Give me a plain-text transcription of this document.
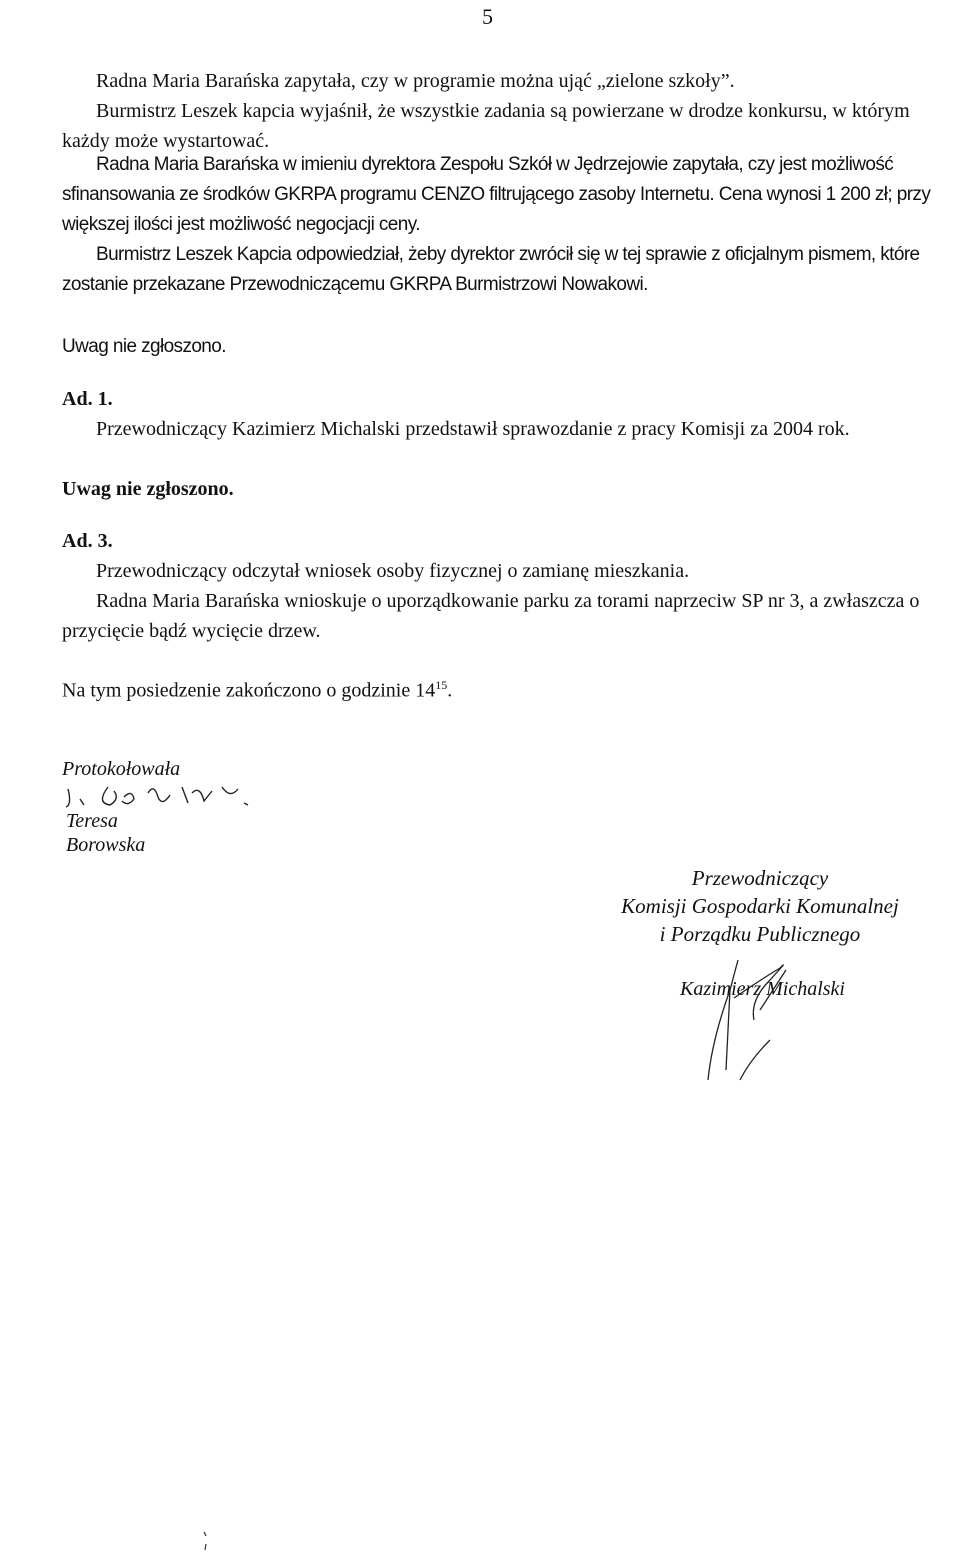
5
Radna Maria Barańska zapytała, czy w programie można ująć „zielone szkoły”.
Burmistrz Leszek kapcia wyjaśnił, że wszystkie zadania są powierzane w drodze konkursu, w którym każdy może wystartować.
Radna Maria Barańska w imieniu dyrektora Zespołu Szkół w Jędrzejowie zapytała, czy jest możliwość sfinansowania ze środków GKRPA programu CENZO filtrującego zasoby Internetu. Cena wynosi 1 200 zł; przy większej ilości jest możliwość negocjacji ceny.
Burmistrz Leszek Kapcia odpowiedział, żeby dyrektor zwrócił się w tej sprawie z oficjalnym pismem, które zostanie przekazane Przewodniczącemu GKRPA Burmistrzowi Nowakowi.
Uwag nie zgłoszono.
Ad. 1.
Przewodniczący Kazimierz Michalski przedstawił sprawozdanie z pracy Komisji za 2004 rok.
Uwag nie zgłoszono.
Ad. 3.
Przewodniczący odczytał wniosek osoby fizycznej o zamianę mieszkania.
Radna Maria Barańska wnioskuje o uporządkowanie parku za torami naprzeciw SP nr 3, a zwłaszcza o przycięcie bądź wycięcie drzew.
Na tym posiedzenie zakończono o godzinie $14^{15}$.
Protokołowała
Teresa Borowska
Przewodniczący
Komisji Gospodarki Komunalnej
i Porządku Publicznego
Kazimierz Michalski
